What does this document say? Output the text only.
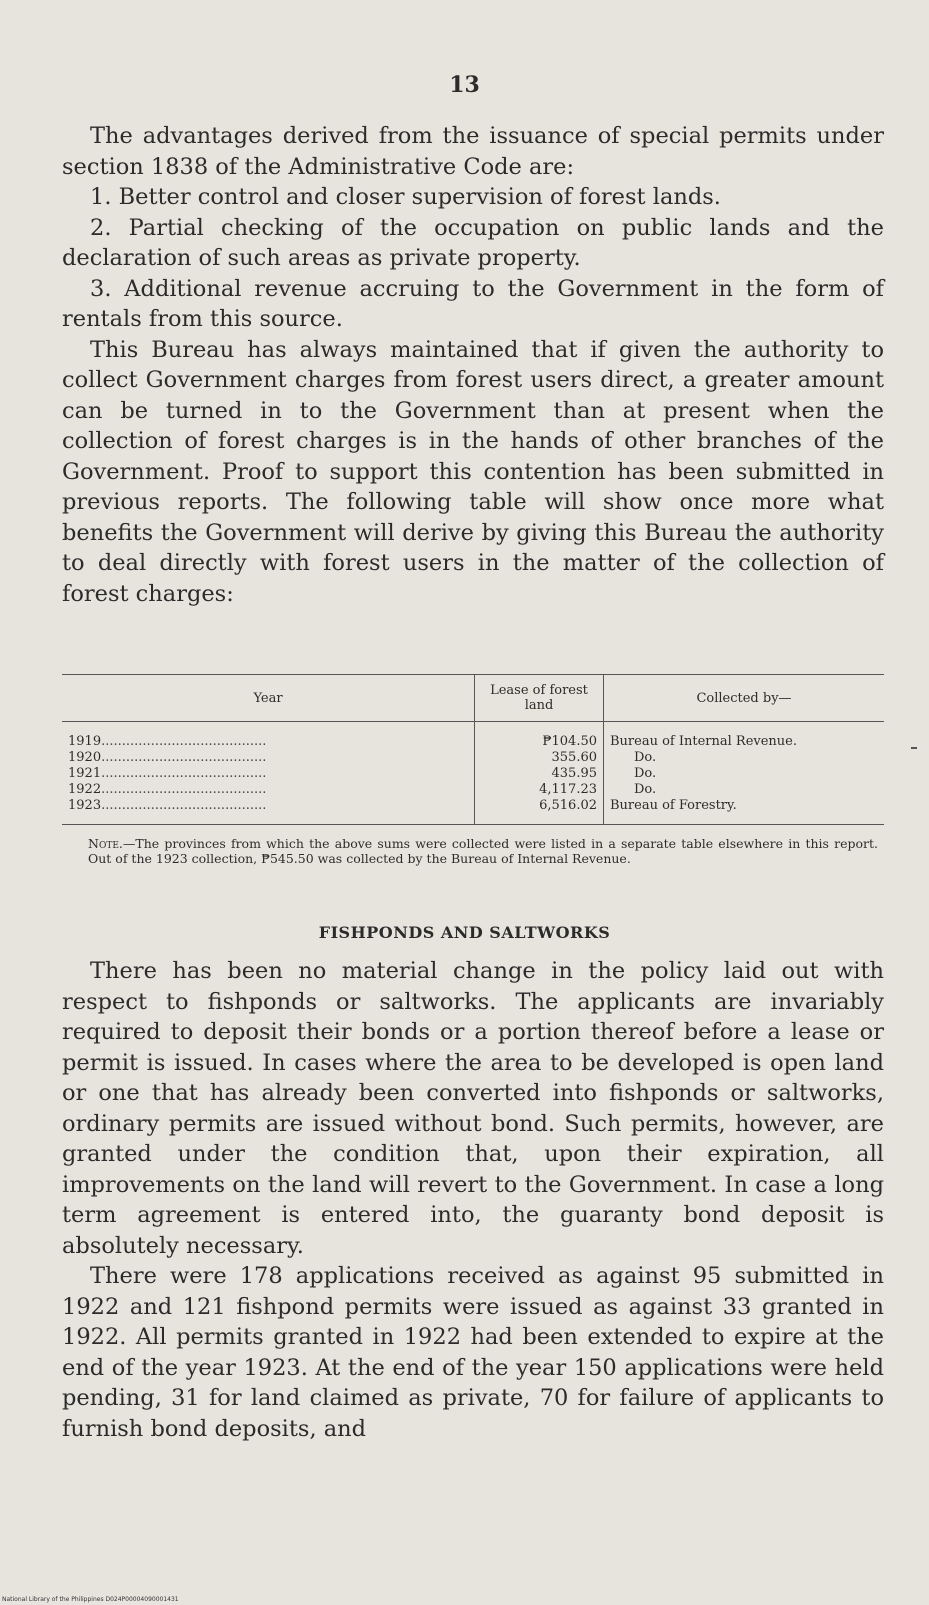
13

The advantages derived from the issuance of special permits under section 1838 of the Administrative Code are:

1. Better control and closer supervision of forest lands.

2. Partial checking of the occupation on public lands and the declaration of such areas as private property.

3. Additional revenue accruing to the Government in the form of rentals from this source.

This Bureau has always maintained that if given the authority to collect Government charges from forest users direct, a greater amount can be turned in to the Government than at present when the collection of forest charges is in the hands of other branches of the Government. Proof to support this contention has been submitted in previous reports. The following table will show once more what benefits the Government will derive by giving this Bureau the authority to deal directly with forest users in the matter of the collection of forest charges:

Year	Lease of forest land	Collected by—
1919........................................	₱104.50	Bureau of Internal Revenue.
1920........................................	355.60	Do.
1921........................................	435.95	Do.
1922........................................	4,117.23	Do.
1923........................................	6,516.02	Bureau of Forestry.

Note.—The provinces from which the above sums were collected were listed in a separate table elsewhere in this report. Out of the 1923 collection, ₱545.50 was collected by the Bureau of Internal Revenue.

FISHPONDS AND SALTWORKS

There has been no material change in the policy laid out with respect to fishponds or saltworks. The applicants are invariably required to deposit their bonds or a portion thereof before a lease or permit is issued. In cases where the area to be developed is open land or one that has already been converted into fishponds or saltworks, ordinary permits are issued without bond. Such permits, however, are granted under the condition that, upon their expiration, all improvements on the land will revert to the Government. In case a long term agreement is entered into, the guaranty bond deposit is absolutely necessary.

There were 178 applications received as against 95 submitted in 1922 and 121 fishpond permits were issued as against 33 granted in 1922. All permits granted in 1922 had been extended to expire at the end of the year 1923. At the end of the year 150 applications were held pending, 31 for land claimed as private, 70 for failure of applicants to furnish bond deposits, and

National Library of the Philippines D024P00004090001431
